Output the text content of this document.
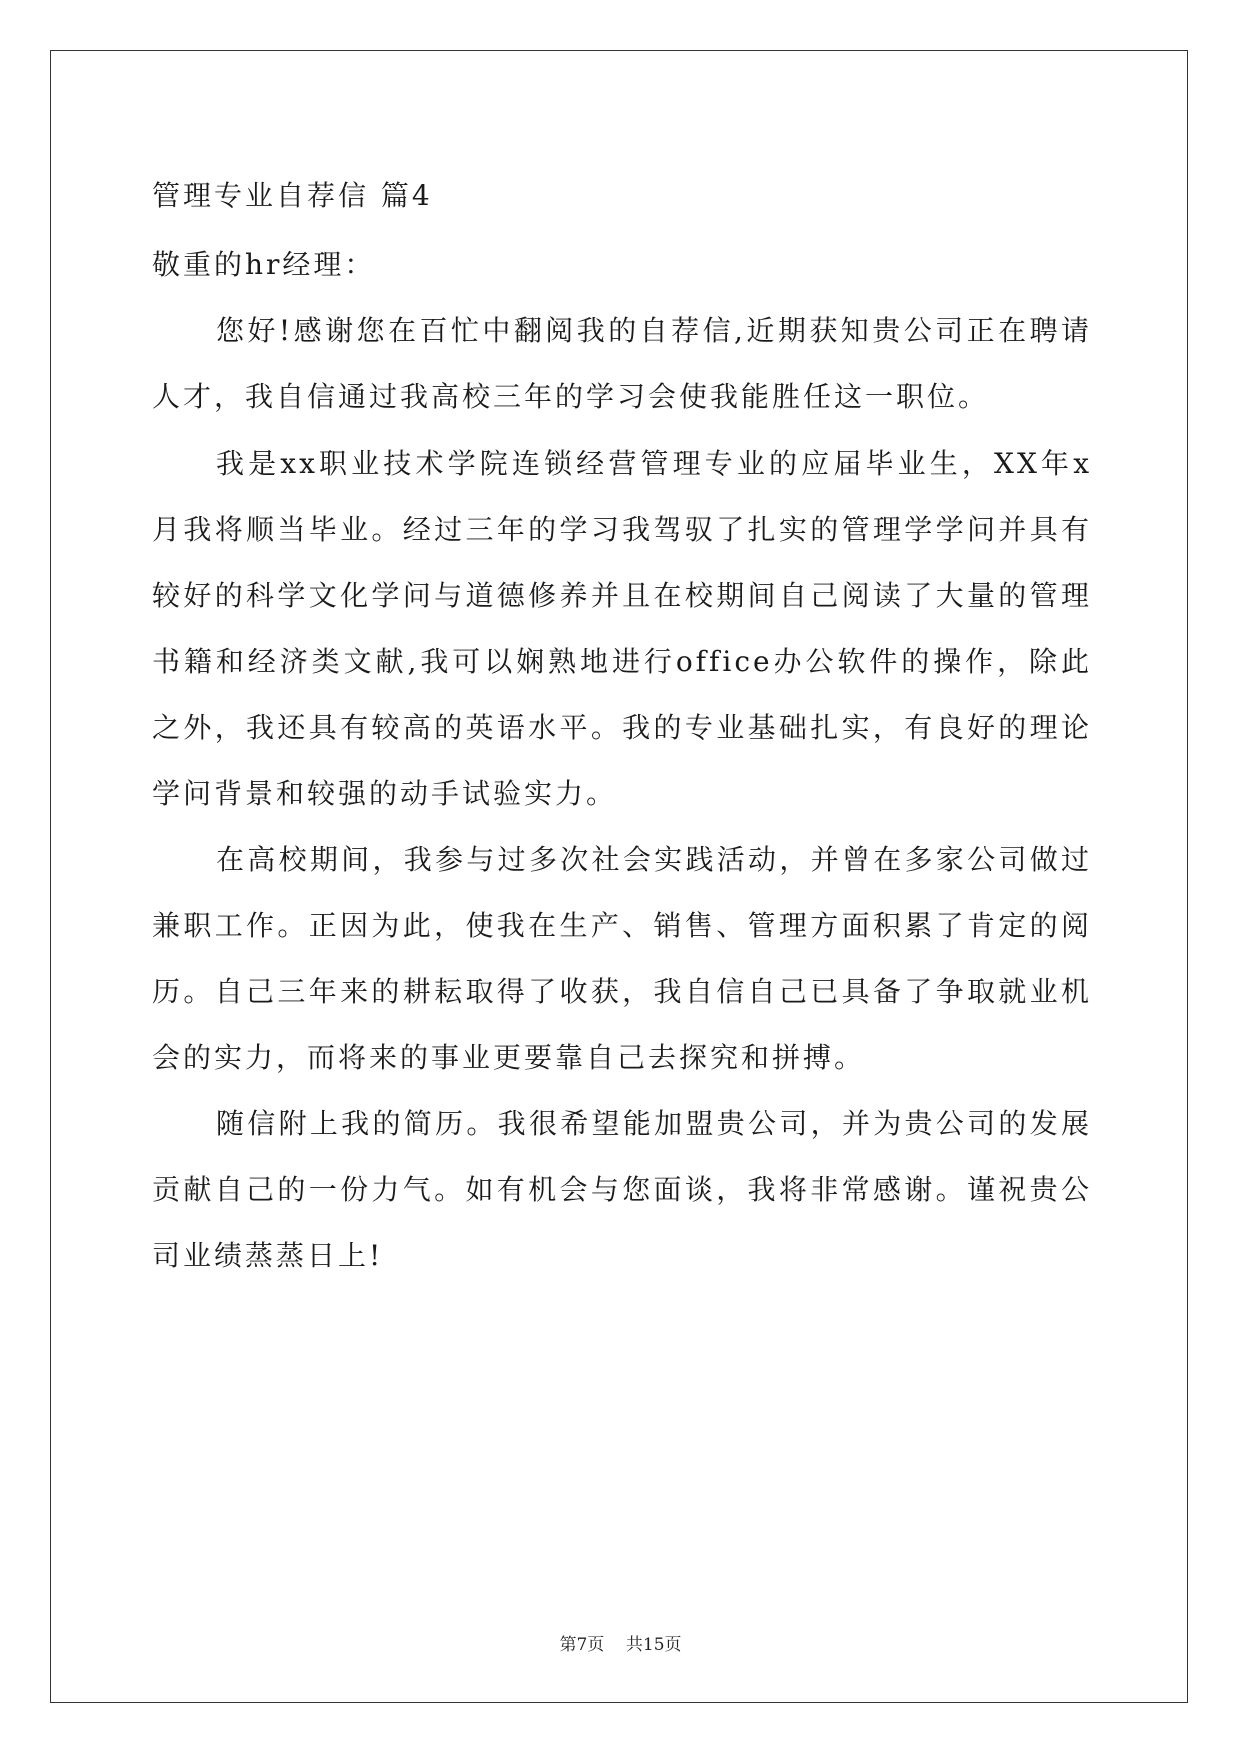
管理专业自荐信 篇4
敬重的hr经理：
您好!感谢您在百忙中翻阅我的自荐信,近期获知贵公司正在聘请
人才，我自信通过我高校三年的学习会使我能胜任这一职位。
我是xx职业技术学院连锁经营管理专业的应届毕业生，XX年x
月我将顺当毕业。经过三年的学习我驾驭了扎实的管理学学问并具有
较好的科学文化学问与道德修养并且在校期间自己阅读了大量的管理
书籍和经济类文献,我可以娴熟地进行office办公软件的操作，除此
之外，我还具有较高的英语水平。我的专业基础扎实，有良好的理论
学问背景和较强的动手试验实力。
在高校期间，我参与过多次社会实践活动，并曾在多家公司做过
兼职工作。正因为此，使我在生产、销售、管理方面积累了肯定的阅
历。自己三年来的耕耘取得了收获，我自信自己已具备了争取就业机
会的实力，而将来的事业更要靠自己去探究和拼搏。
随信附上我的简历。我很希望能加盟贵公司，并为贵公司的发展
贡献自己的一份力气。如有机会与您面谈，我将非常感谢。谨祝贵公
司业绩蒸蒸日上!
第7页 共15页
